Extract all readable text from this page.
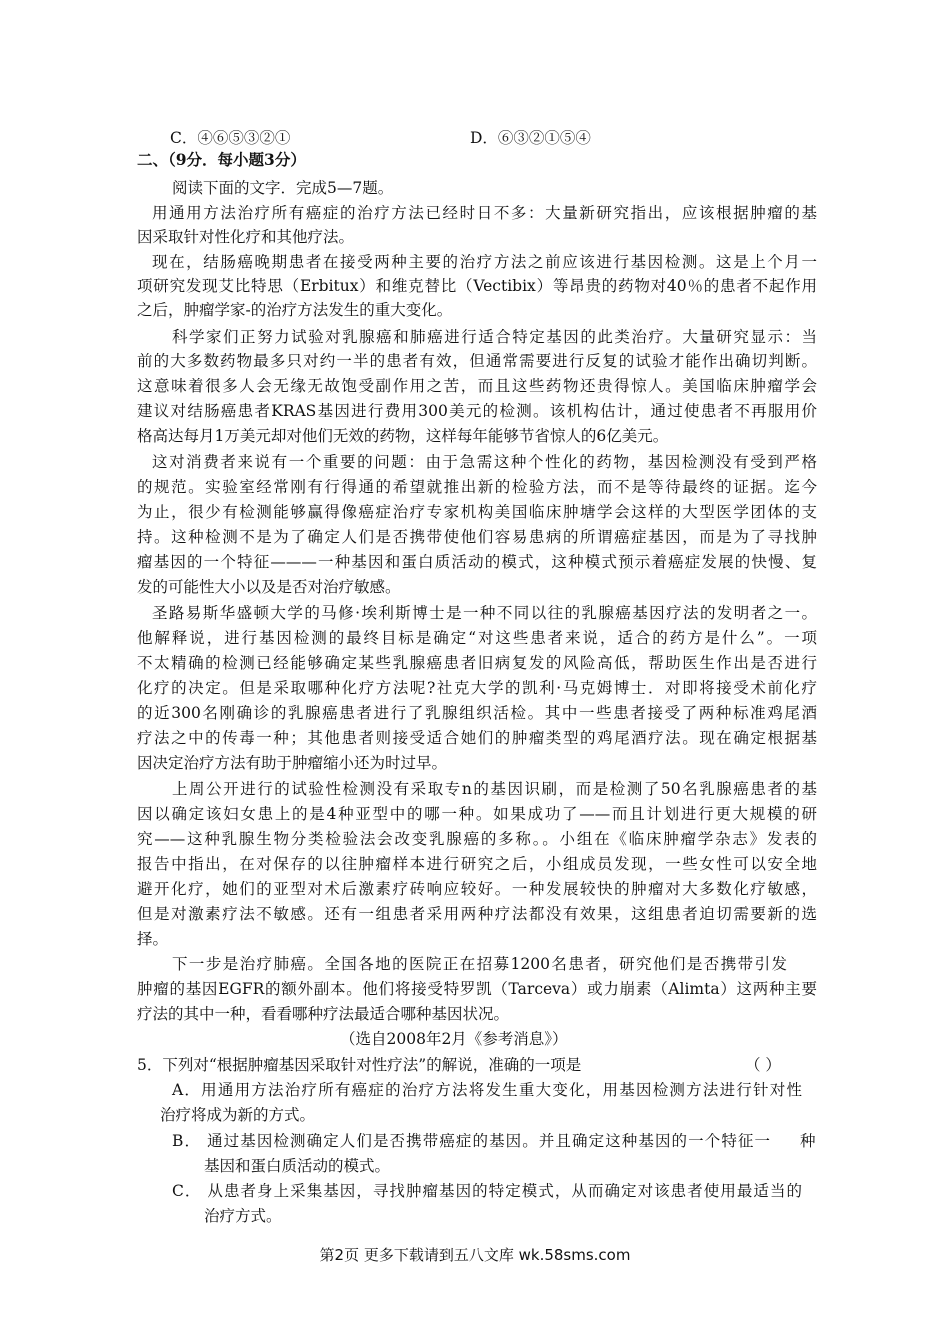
C．④⑥⑤③②①	D．⑥③②①⑤④
二、（9分．每小题3分）
阅读下面的文字．完成5—7题。
用通用方法治疗所有癌症的治疗方法已经时日不多：大量新研究指出，应该根据肿瘤的基
因采取针对性化疗和其他疗法。
现在，结肠癌晚期患者在接受两种主要的治疗方法之前应该进行基因检测。这是上个月一
项研究发现艾比特思（Erbitux）和维克替比（Vectibix）等昂贵的药物对40％的患者不起作用
之后，肿瘤学家-的治疗方法发生的重大变化。
科学家们正努力试验对乳腺癌和肺癌进行适合特定基因的此类治疗。大量研究显示：当
前的大多数药物最多只对约一半的患者有效，但通常需要进行反复的试验才能作出确切判断。
这意味着很多人会无缘无故饱受副作用之苦，而且这些药物还贵得惊人。美国临床肿瘤学会
建议对结肠癌患者KRAS基因进行费用300美元的检测。该机构估计，通过使患者不再服用价
格高达每月1万美元却对他们无效的药物，这样每年能够节省惊人的6亿美元。
这对消费者来说有一个重要的问题：由于急需这种个性化的药物，基因检测没有受到严格
的规范。实验室经常刚有行得通的希望就推出新的检验方法，而不是等待最终的证据。迄今
为止，很少有检测能够赢得像癌症治疗专家机构美国临床肿塘学会这样的大型医学团体的支
持。这种检测不是为了确定人们是否携带使他们容易患病的所谓癌症基因，而是为了寻找肿
瘤基因的一个特征———一种基因和蛋白质活动的模式，这种模式预示着癌症发展的快慢、复
发的可能性大小以及是否对治疗敏感。
圣路易斯华盛顿大学的马修·埃利斯博士是一种不同以往的乳腺癌基因疗法的发明者之一。
他解释说，进行基因检测的最终目标是确定“对这些患者来说，适合的药方是什么”。一项
不太精确的检测已经能够确定某些乳腺癌患者旧病复发的风险高低，帮助医生作出是否进行
化疗的决定。但是采取哪种化疗方法呢?社克大学的凯利·马克姆博士．对即将接受术前化疗
的近300名刚确诊的乳腺癌患者进行了乳腺组织活检。其中一些患者接受了两种标准鸡尾酒
疗法之中的传毒一种；其他患者则接受适合她们的肿瘤类型的鸡尾酒疗法。现在确定根据基
因决定治疗方法有助于肿瘤缩小还为时过早。
上周公开进行的试验性检测没有采取专n的基因识刷，而是检测了50名乳腺癌患者的基
因以确定该妇女患上的是4种亚型中的哪一种。如果成功了——而且计划进行更大规模的研
究——这种乳腺生物分类检验法会改变乳腺癌的多称。。小组在《临床肿瘤学杂志》发表的
报告中指出，在对保存的以往肿瘤样本进行研究之后，小组成员发现，一些女性可以安全地
避开化疗，她们的亚型对术后激素疗砖响应较好。一种发展较快的肿瘤对大多数化疗敏感，
但是对激素疗法不敏感。还有一组患者采用两种疗法都没有效果，这组患者迫切需要新的选
择。
下一步是治疗肺癌。全国各地的医院正在招募1200名患者，研究他们是否携带引发
肿瘤的基因EGFR的额外副本。他们将接受特罗凯（Tarceva）或力崩素（Alimta）这两种主要
疗法的其中一种，看看哪种疗法最适合哪种基因状况。
（选自2008年2月《参考消息》）
5．下列对“根据肿瘤基因采取针对性疗法”的解说，准确的一项是	（ ）
A．用通用方法治疗所有癌症的治疗方法将发生重大变化，用基因检测方法进行针对性
治疗将成为新的方式。
B． 通过基因检测确定人们是否携带癌症的基因。并且确定这种基因的一个特征一 种
基因和蛋白质活动的模式。
C． 从患者身上采集基因，寻找肿瘤基因的特定模式，从而确定对该患者使用最适当的
治疗方式。
第2页 更多下载请到五八文库 wk.58sms.com
